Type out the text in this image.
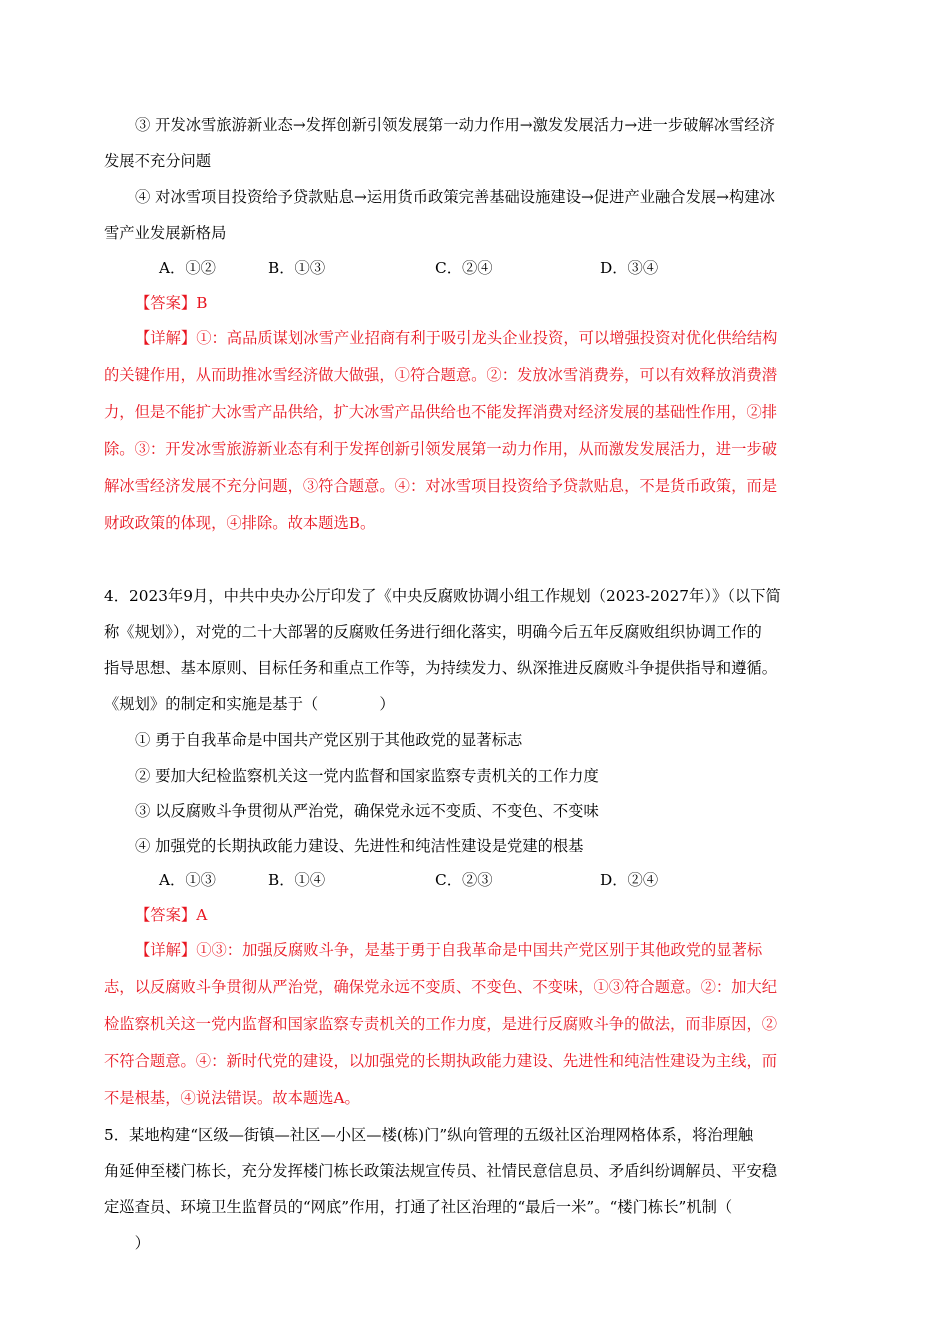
③ 开发冰雪旅游新业态→发挥创新引领发展第一动力作用→激发发展活力→进一步破解冰雪经济
发展不充分问题
④ 对冰雪项目投资给予贷款贴息→运用货币政策完善基础设施建设→促进产业融合发展→构建冰
雪产业发展新格局
A．①②	B．①③	C．②④	D．③④
【答案】B
【详解】①：高品质谋划冰雪产业招商有利于吸引龙头企业投资，可以增强投资对优化供给结构
的关键作用，从而助推冰雪经济做大做强，①符合题意。②：发放冰雪消费券，可以有效释放消费潜
力，但是不能扩大冰雪产品供给，扩大冰雪产品供给也不能发挥消费对经济发展的基础性作用，②排
除。③：开发冰雪旅游新业态有利于发挥创新引领发展第一动力作用，从而激发发展活力，进一步破
解冰雪经济发展不充分问题，③符合题意。④：对冰雪项目投资给予贷款贴息，不是货币政策，而是
财政政策的体现，④排除。故本题选B。
4．2023年9月，中共中央办公厅印发了《中央反腐败协调小组工作规划（2023-2027年）》（以下简
称《规划》），对党的二十大部署的反腐败任务进行细化落实，明确今后五年反腐败组织协调工作的
指导思想、基本原则、目标任务和重点工作等，为持续发力、纵深推进反腐败斗争提供指导和遵循。
《规划》的制定和实施是基于（　　　　）
① 勇于自我革命是中国共产党区别于其他政党的显著标志
② 要加大纪检监察机关这一党内监督和国家监察专责机关的工作力度
③ 以反腐败斗争贯彻从严治党，确保党永远不变质、不变色、不变味
④ 加强党的长期执政能力建设、先进性和纯洁性建设是党建的根基
A．①③	B．①④	C．②③	D．②④
【答案】A
【详解】①③：加强反腐败斗争，是基于勇于自我革命是中国共产党区别于其他政党的显著标
志，以反腐败斗争贯彻从严治党，确保党永远不变质、不变色、不变味，①③符合题意。②：加大纪
检监察机关这一党内监督和国家监察专责机关的工作力度，是进行反腐败斗争的做法，而非原因，②
不符合题意。④：新时代党的建设，以加强党的长期执政能力建设、先进性和纯洁性建设为主线，而
不是根基，④说法错误。故本题选A。
5．某地构建“区级—街镇—社区—小区—楼(栋)门”纵向管理的五级社区治理网格体系，将治理触
角延伸至楼门栋长，充分发挥楼门栋长政策法规宣传员、社情民意信息员、矛盾纠纷调解员、平安稳
定巡查员、环境卫生监督员的“网底”作用，打通了社区治理的“最后一米”。“楼门栋长”机制（
　　）
